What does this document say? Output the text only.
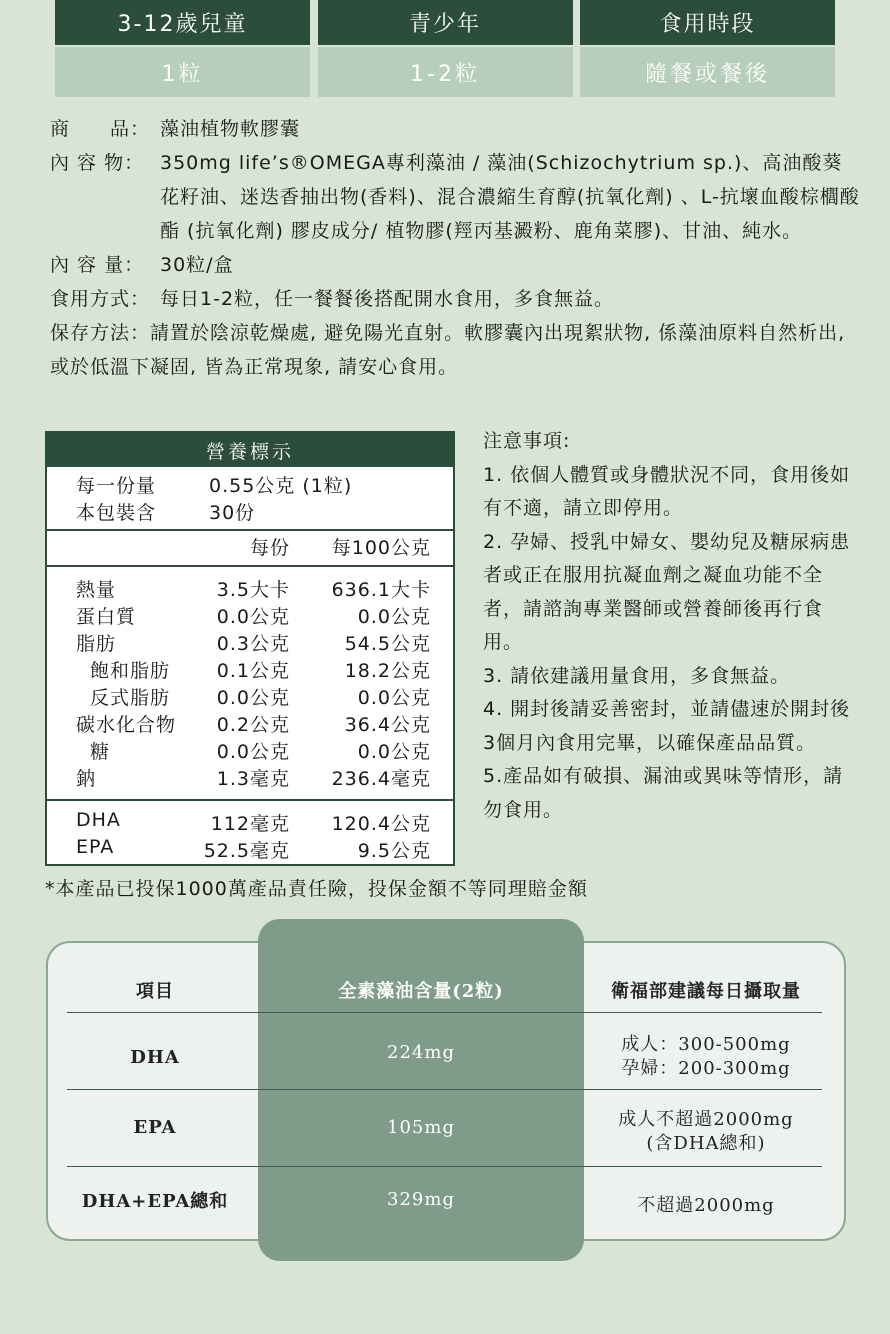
3-12歲兒童	青少年	食用時段
1粒	1-2粒	隨餐或餐後
商　　品： 藻油植物軟膠囊
內 容 物： 350mg life’s®OMEGA專利藻油 / 藻油(Schizochytrium sp.)、高油酸葵花籽油、迷迭香抽出物(香料)、混合濃縮生育醇(抗氧化劑) 、L-抗壞血酸棕櫚酸酯 (抗氧化劑) 膠皮成分/ 植物膠(羥丙基澱粉、鹿角菜膠)、甘油、純水。
內 容 量： 30粒/盒
食用方式： 每日1-2粒，任一餐餐後搭配開水食用，多食無益。
保存方法：請置於陰涼乾燥處, 避免陽光直射。軟膠囊內出現絮狀物, 係藻油原料自然析出, 或於低溫下凝固, 皆為正常現象, 請安心食用。
營養標示
每一份量	0.55公克 (1粒)
本包裝含	30份
每份 每100公克
熱量	3.5大卡 636.1大卡
蛋白質	0.0公克	0.0公克
脂肪	0.3公克	54.5公克
飽和脂肪 0.1公克	18.2公克
反式脂肪 0.0公克	0.0公克
碳水化合物 0.2公克	36.4公克
糖	0.0公克	0.0公克
鈉	1.3毫克 236.4毫克
DHA	112毫克 120.4公克
EPA	52.5毫克	9.5公克
注意事項:
1. 依個人體質或身體狀況不同，食用後如有不適，請立即停用。
2. 孕婦、授乳中婦女、嬰幼兒及糖尿病患者或正在服用抗凝血劑之凝血功能不全者，請諮詢專業醫師或營養師後再行食用。
3. 請依建議用量食用，多食無益。
4. 開封後請妥善密封，並請儘速於開封後3個月內食用完畢，以確保產品品質。
5.產品如有破損、漏油或異味等情形，請勿食用。
*本產品已投保1000萬產品責任險，投保金額不等同理賠金額
項目	全素藻油含量(2粒)	衛福部建議每日攝取量
DHA	224mg	成人：300-500mg
孕婦：200-300mg
EPA	105mg	成人不超過2000mg
(含DHA總和)
DHA+EPA總和	329mg	不超過2000mg
